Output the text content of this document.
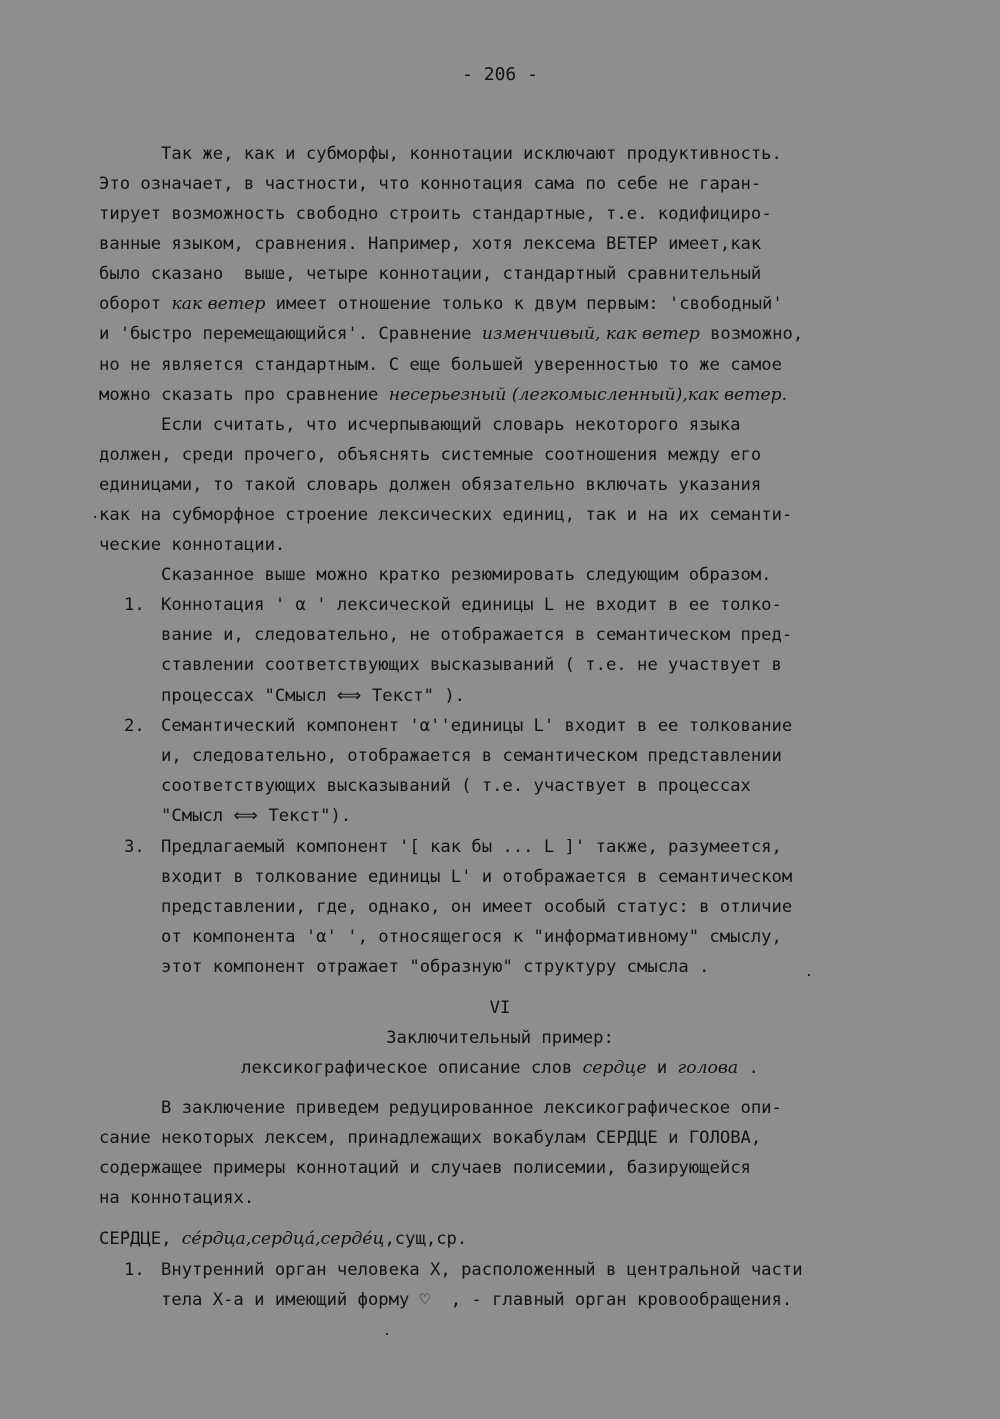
- 206 -
Так же, как и субморфы, коннотации исключают продуктивность.
Это означает, в частности, что коннотация сама по себе не гаран-
тирует возможность свободно строить стандартные, т.е. кодифициро-
ванные языком, сравнения. Например, хотя лексема ВЕТЕР имеет,как
было сказано  выше, четыре коннотации, стандартный сравнительный
оборот как ветер имеет отношение только к двум первым: 'свободный'
и 'быстро перемещающийся'. Сравнение изменчивый, как ветер возможно,
но не является стандартным. С еще большей уверенностью то же самое
можно сказать про сравнение несерьезный (легкомысленный),как ветер.
Если считать, что исчерпывающий словарь некоторого языка
должен, среди прочего, объяснять системные соотношения между его
единицами, то такой словарь должен обязательно включать указания
как на субморфное строение лексических единиц, так и на их семанти-
ческие коннотации.
Сказанное выше можно кратко резюмировать следующим образом.
1. Коннотация ' α ' лексической единицы L не входит в ее толко-
вание и, следовательно, не отображается в семантическом пред-
ставлении соответствующих высказываний ( т.е. не участвует в
процессах "Смысл ⟺ Текст" ).
2. Семантический компонент 'α''единицы L' входит в ее толкование
и, следовательно, отображается в семантическом представлении
соответствующих высказываний ( т.е. участвует в процессах
"Смысл ⟺ Текст").
3. Предлагаемый компонент '[ как бы ... L ]' также, разумеется,
входит в толкование единицы L' и отображается в семантическом
представлении, где, однако, он имеет особый статус: в отличие
от компонента 'α' ', относящегося к "информативному" смыслу,
этот компонент отражает "образную" структуру смысла .
VI
Заключительный пример:
лексикографическое описание слов сердце и голова .
В заключение приведем редуцированное лексикографическое опи-
сание некоторых лексем, принадлежащих вокабулам СЕРДЦЕ и ГОЛОВА,
содержащее примеры коннотаций и случаев полисемии, базирующейся
на коннотациях.
СЕ́РДЦЕ, се́рдца,сердца́,серде́ц,сущ,ср.
1. Внутренний орган человека X, расположенный в центральной части
тела X-а и имеющий форму ♡  , - главный орган кровообращения.
